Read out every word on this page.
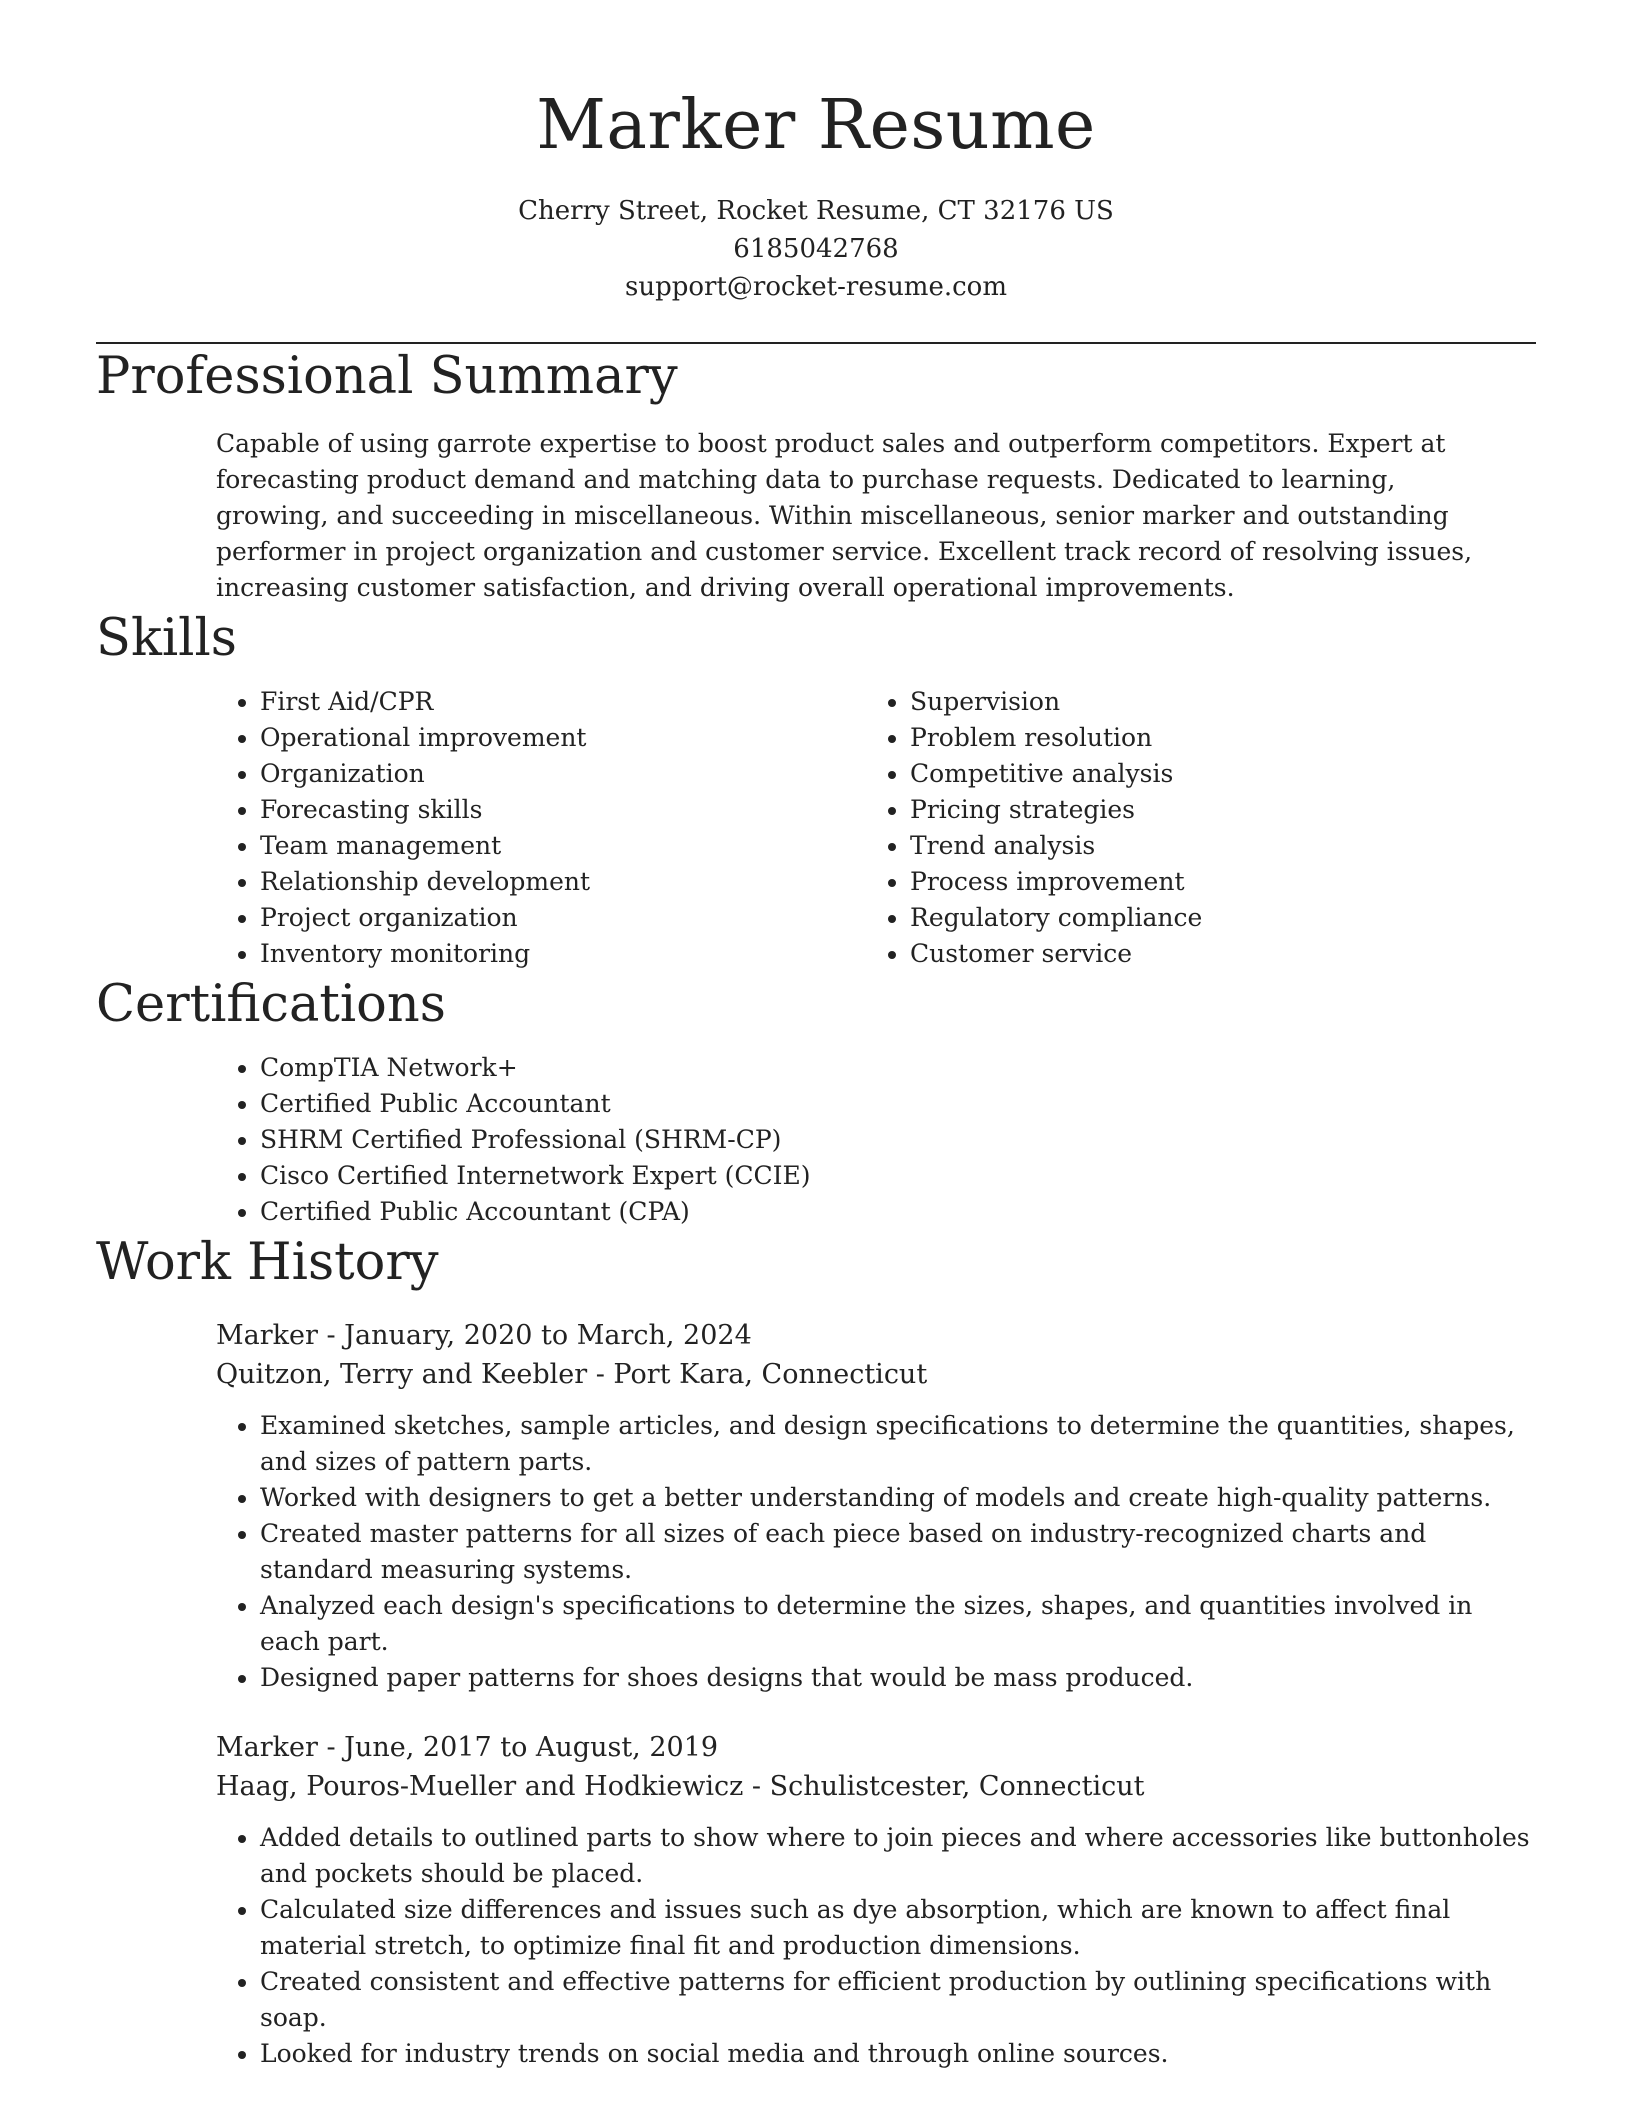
Marker Resume
Cherry Street, Rocket Resume, CT 32176 US
6185042768
support@rocket-resume.com
Professional Summary
Capable of using garrote expertise to boost product sales and outperform competitors. Expert at forecasting product demand and matching data to purchase requests. Dedicated to learning, growing, and succeeding in miscellaneous. Within miscellaneous, senior marker and outstanding performer in project organization and customer service. Excellent track record of resolving issues, increasing customer satisfaction, and driving overall operational improvements.
Skills
• First Aid/CPR
• Operational improvement
• Organization
• Forecasting skills
• Team management
• Relationship development
• Project organization
• Inventory monitoring
• Supervision
• Problem resolution
• Competitive analysis
• Pricing strategies
• Trend analysis
• Process improvement
• Regulatory compliance
• Customer service
Certifications
• CompTIA Network+
• Certified Public Accountant
• SHRM Certified Professional (SHRM-CP)
• Cisco Certified Internetwork Expert (CCIE)
• Certified Public Accountant (CPA)
Work History
Marker - January, 2020 to March, 2024
Quitzon, Terry and Keebler - Port Kara, Connecticut
• Examined sketches, sample articles, and design specifications to determine the quantities, shapes, and sizes of pattern parts.
• Worked with designers to get a better understanding of models and create high-quality patterns.
• Created master patterns for all sizes of each piece based on industry-recognized charts and standard measuring systems.
• Analyzed each design's specifications to determine the sizes, shapes, and quantities involved in each part.
• Designed paper patterns for shoes designs that would be mass produced.
Marker - June, 2017 to August, 2019
Haag, Pouros-Mueller and Hodkiewicz - Schulistcester, Connecticut
• Added details to outlined parts to show where to join pieces and where accessories like buttonholes and pockets should be placed.
• Calculated size differences and issues such as dye absorption, which are known to affect final material stretch, to optimize final fit and production dimensions.
• Created consistent and effective patterns for efficient production by outlining specifications with soap.
• Looked for industry trends on social media and through online sources.
